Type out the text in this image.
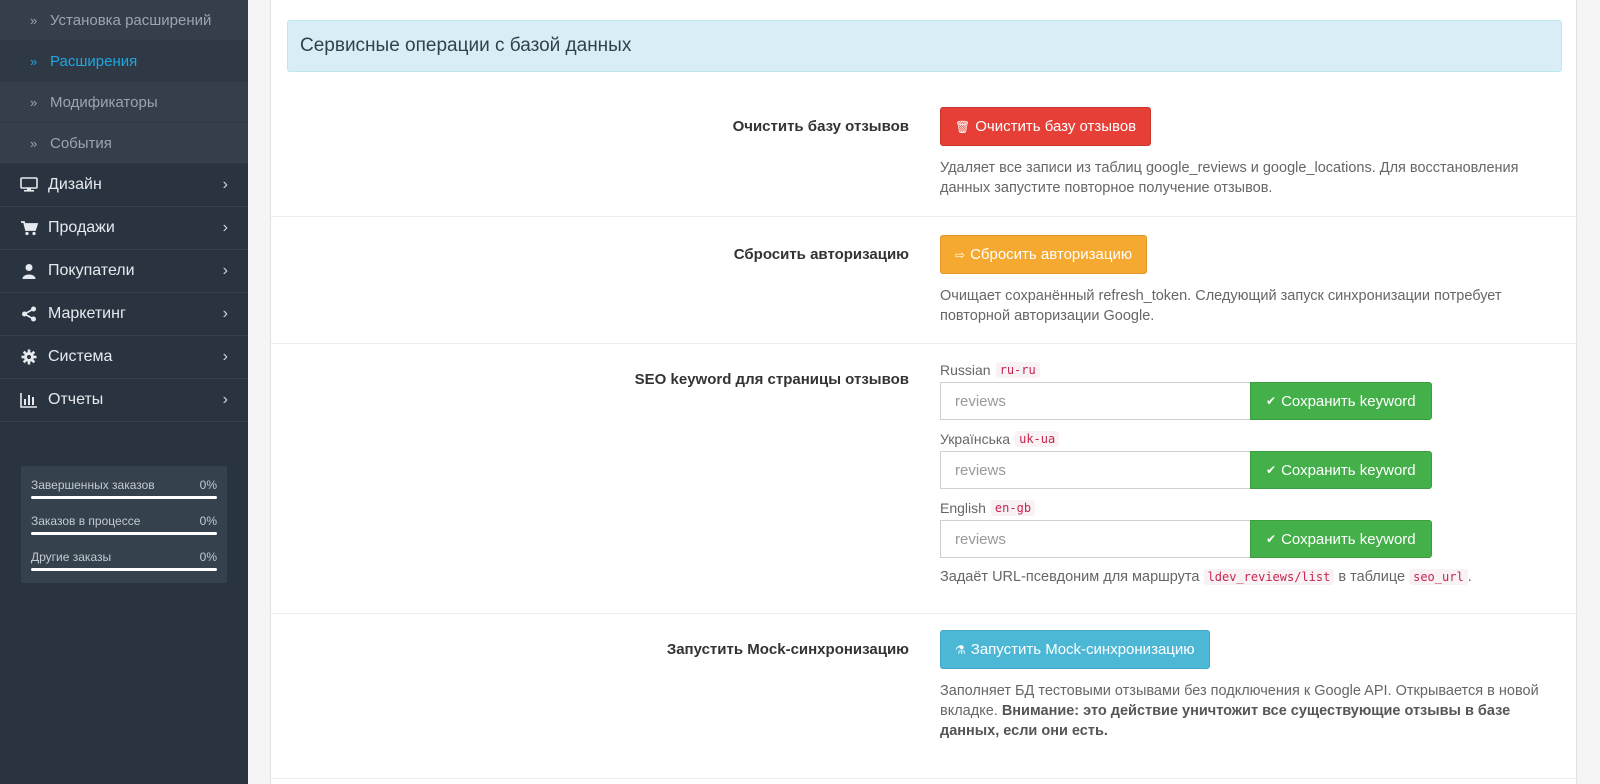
» Установка расширений
» Расширения
» Модификаторы
» События
Дизайн	›
Продажи	›
Покупатели	›
Маркетинг	›
Система	›
Отчеты	›
Завершенных заказов	0%
Заказов в процессе	0%
Другие заказы	0%
Сервисные операции с базой данных
Очистить базу отзывов	🗑 Очистить базу отзывов
Удаляет все записи из таблиц google_reviews и google_locations. Для восстановления данных запустите повторное получение отзывов.
Сбросить авторизацию	⇨ Сбросить авторизацию
Очищает сохранённый refresh_token. Следующий запуск синхронизации потребует повторной авторизации Google.
SEO keyword для страницы отзывов
Russian ru-ru
reviews	✔ Сохранить keyword
Українська uk-ua
reviews	✔ Сохранить keyword
English en-gb
reviews	✔ Сохранить keyword
Задаёт URL-псевдоним для маршрута ldev_reviews/list в таблице seo_url .
Запустить Mock-синхронизацию	⚗ Запустить Mock-синхронизацию
Заполняет БД тестовыми отзывами без подключения к Google API. Открывается в новой вкладке. Внимание: это действие уничтожит все существующие отзывы в базе данных, если они есть.
